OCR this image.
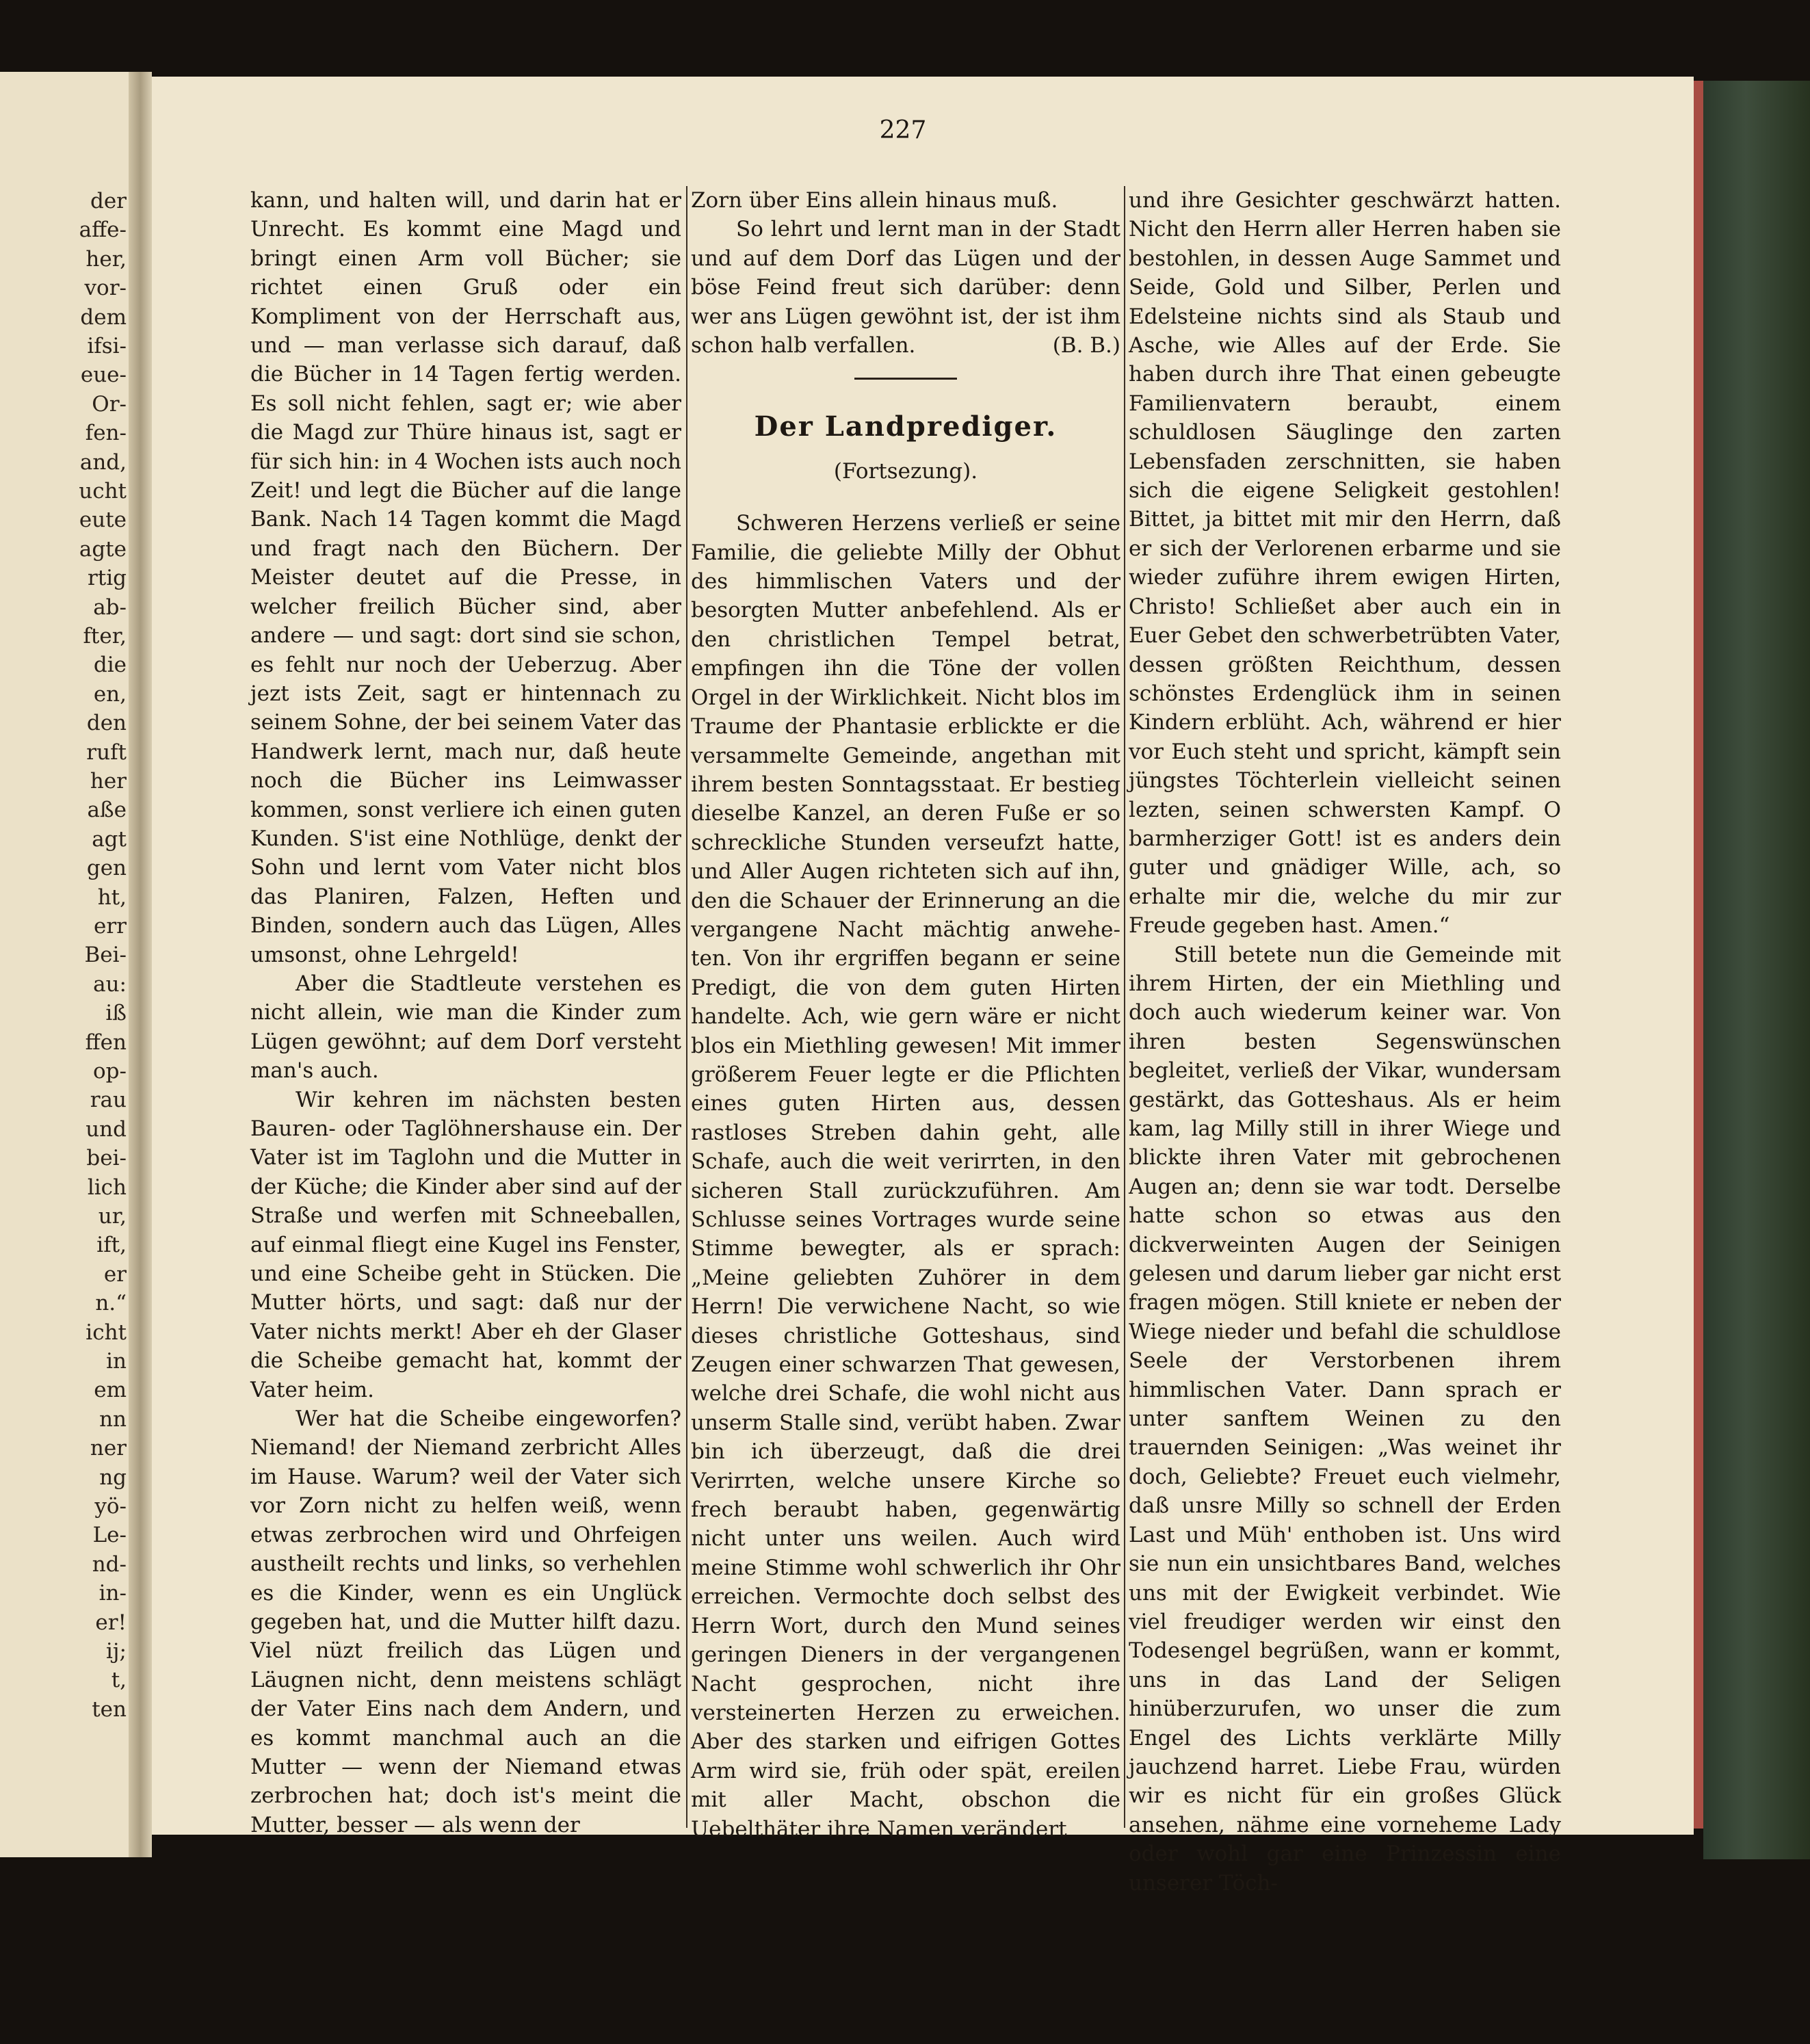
der
affe-
her,
vor-
dem
ifsi-
eue-
Or-
fen-
and,
ucht
eute
agte
rtig
ab-
fter,
die
en,
den
ruft
her
aße
agt
gen
ht,
err
Bei-
au:
iß
ffen
op-
rau
und
bei-
lich
ur,
ift,
er
n.“
icht
in
em
nn
ner
ng
yö-
Le-
nd-
in-
er!
ij;
t,
ten
227

kann, und halten will, und darin hat er Unrecht. Es kommt eine Magd und bringt einen Arm voll Bücher; sie richtet einen Gruß oder ein Kompliment von der Herrschaft aus, und — man verlasse sich darauf, daß die Bücher in 14 Tagen fertig werden. Es soll nicht fehlen, sagt er; wie aber die Magd zur Thüre hinaus ist, sagt er für sich hin: in 4 Wochen ists auch noch Zeit! und legt die Bücher auf die lange Bank. Nach 14 Tagen kommt die Magd und fragt nach den Büchern. Der Meister deutet auf die Presse, in welcher freilich Bücher sind, aber andere — und sagt: dort sind sie schon, es fehlt nur noch der Ueberzug. Aber jezt ists Zeit, sagt er hintennach zu seinem Sohne, der bei seinem Vater das Handwerk lernt, mach nur, daß heute noch die Bücher ins Leimwasser kommen, sonst verliere ich einen guten Kunden. S'ist eine Nothlüge, denkt der Sohn und lernt vom Vater nicht blos das Planiren, Falzen, Heften und Binden, sondern auch das Lügen, Alles umsonst, ohne Lehrgeld!

Aber die Stadtleute verstehen es nicht allein, wie man die Kinder zum Lügen gewöhnt; auf dem Dorf versteht man's auch.

Wir kehren im nächsten besten Bauren- oder Taglöhnershause ein. Der Vater ist im Taglohn und die Mutter in der Küche; die Kinder aber sind auf der Straße und werfen mit Schneeballen, auf einmal fliegt eine Kugel ins Fenster, und eine Scheibe geht in Stücken. Die Mutter hörts, und sagt: daß nur der Vater nichts merkt! Aber eh der Glaser die Scheibe gemacht hat, kommt der Vater heim.

Wer hat die Scheibe eingeworfen? Niemand! der Niemand zerbricht Alles im Hause. Warum? weil der Vater sich vor Zorn nicht zu helfen weiß, wenn etwas zerbrochen wird und Ohrfeigen austheilt rechts und links, so verhehlen es die Kinder, wenn es ein Unglück gegeben hat, und die Mutter hilft dazu. Viel nüzt freilich das Lügen und Läugnen nicht, denn meistens schlägt der Vater Eins nach dem Andern, und es kommt manchmal auch an die Mutter — wenn der Niemand etwas zerbrochen hat; doch ist's meint die Mutter, besser — als wenn der

Zorn über Eins allein hinaus muß.

So lehrt und lernt man in der Stadt und auf dem Dorf das Lügen und der böse Feind freut sich darüber: denn wer ans Lügen gewöhnt ist, der ist ihm schon halb verfallen.	(B. B.)

Der Landprediger.
(Fortsezung).

Schweren Herzens verließ er seine Familie, die geliebte Milly der Obhut des himmlischen Vaters und der besorgten Mutter anbefehlend. Als er den christlichen Tempel betrat, empfingen ihn die Töne der vollen Orgel in der Wirklichkeit. Nicht blos im Traume der Phantasie erblickte er die versammelte Gemeinde, angethan mit ihrem besten Sonntagsstaat. Er bestieg dieselbe Kanzel, an deren Fuße er so schreckliche Stunden verseufzt hatte, und Aller Augen richteten sich auf ihn, den die Schauer der Erinnerung an die vergangene Nacht mächtig anwehe- ten. Von ihr ergriffen begann er seine Predigt, die von dem guten Hirten handelte. Ach, wie gern wäre er nicht blos ein Miethling gewesen! Mit immer größerem Feuer legte er die Pflichten eines guten Hirten aus, dessen rastloses Streben dahin geht, alle Schafe, auch die weit verirrten, in den sicheren Stall zurückzuführen. Am Schlusse seines Vortrages wurde seine Stimme bewegter, als er sprach: „Meine geliebten Zuhörer in dem Herrn! Die verwichene Nacht, so wie dieses christliche Gotteshaus, sind Zeugen einer schwarzen That gewesen, welche drei Schafe, die wohl nicht aus unserm Stalle sind, verübt haben. Zwar bin ich überzeugt, daß die drei Verirrten, welche unsere Kirche so frech beraubt haben, gegenwärtig nicht unter uns weilen. Auch wird meine Stimme wohl schwerlich ihr Ohr erreichen. Vermochte doch selbst des Herrn Wort, durch den Mund seines geringen Dieners in der vergangenen Nacht gesprochen, nicht ihre versteinerten Herzen zu erweichen. Aber des starken und eifrigen Gottes Arm wird sie, früh oder spät, ereilen mit aller Macht, obschon die Uebelthäter ihre Namen verändert

und ihre Gesichter geschwärzt hatten. Nicht den Herrn aller Herren haben sie bestohlen, in dessen Auge Sammet und Seide, Gold und Silber, Perlen und Edelsteine nichts sind als Staub und Asche, wie Alles auf der Erde. Sie haben durch ihre That einen gebeugte Familienvatern beraubt, einem schuldlosen Säuglinge den zarten Lebensfaden zerschnitten, sie haben sich die eigene Seligkeit gestohlen! Bittet, ja bittet mit mir den Herrn, daß er sich der Verlorenen erbarme und sie wieder zuführe ihrem ewigen Hirten, Christo! Schließet aber auch ein in Euer Gebet den schwerbetrübten Vater, dessen größten Reichthum, dessen schönstes Erdenglück ihm in seinen Kindern erblüht. Ach, während er hier vor Euch steht und spricht, kämpft sein jüngstes Töchterlein vielleicht seinen lezten, seinen schwersten Kampf. O barmherziger Gott! ist es anders dein guter und gnädiger Wille, ach, so erhalte mir die, welche du mir zur Freude gegeben hast. Amen.“

Still betete nun die Gemeinde mit ihrem Hirten, der ein Miethling und doch auch wiederum keiner war. Von ihren besten Segenswünschen begleitet, verließ der Vikar, wundersam gestärkt, das Gotteshaus. Als er heim kam, lag Milly still in ihrer Wiege und blickte ihren Vater mit gebrochenen Augen an; denn sie war todt. Derselbe hatte schon so etwas aus den dickverweinten Augen der Seinigen gelesen und darum lieber gar nicht erst fragen mögen. Still kniete er neben der Wiege nieder und befahl die schuldlose Seele der Verstorbenen ihrem himmlischen Vater. Dann sprach er unter sanftem Weinen zu den trauernden Seinigen: „Was weinet ihr doch, Geliebte? Freuet euch vielmehr, daß unsre Milly so schnell der Erden Last und Müh' enthoben ist. Uns wird sie nun ein unsichtbares Band, welches uns mit der Ewigkeit verbindet. Wie viel freudiger werden wir einst den Todesengel begrüßen, wann er kommt, uns in das Land der Seligen hinüberzurufen, wo unser die zum Engel des Lichts verklärte Milly jauchzend harret. Liebe Frau, würden wir es nicht für ein großes Glück ansehen, nähme eine vorneheme Lady oder wohl gar eine Prinzessin eine unserer Töch-
